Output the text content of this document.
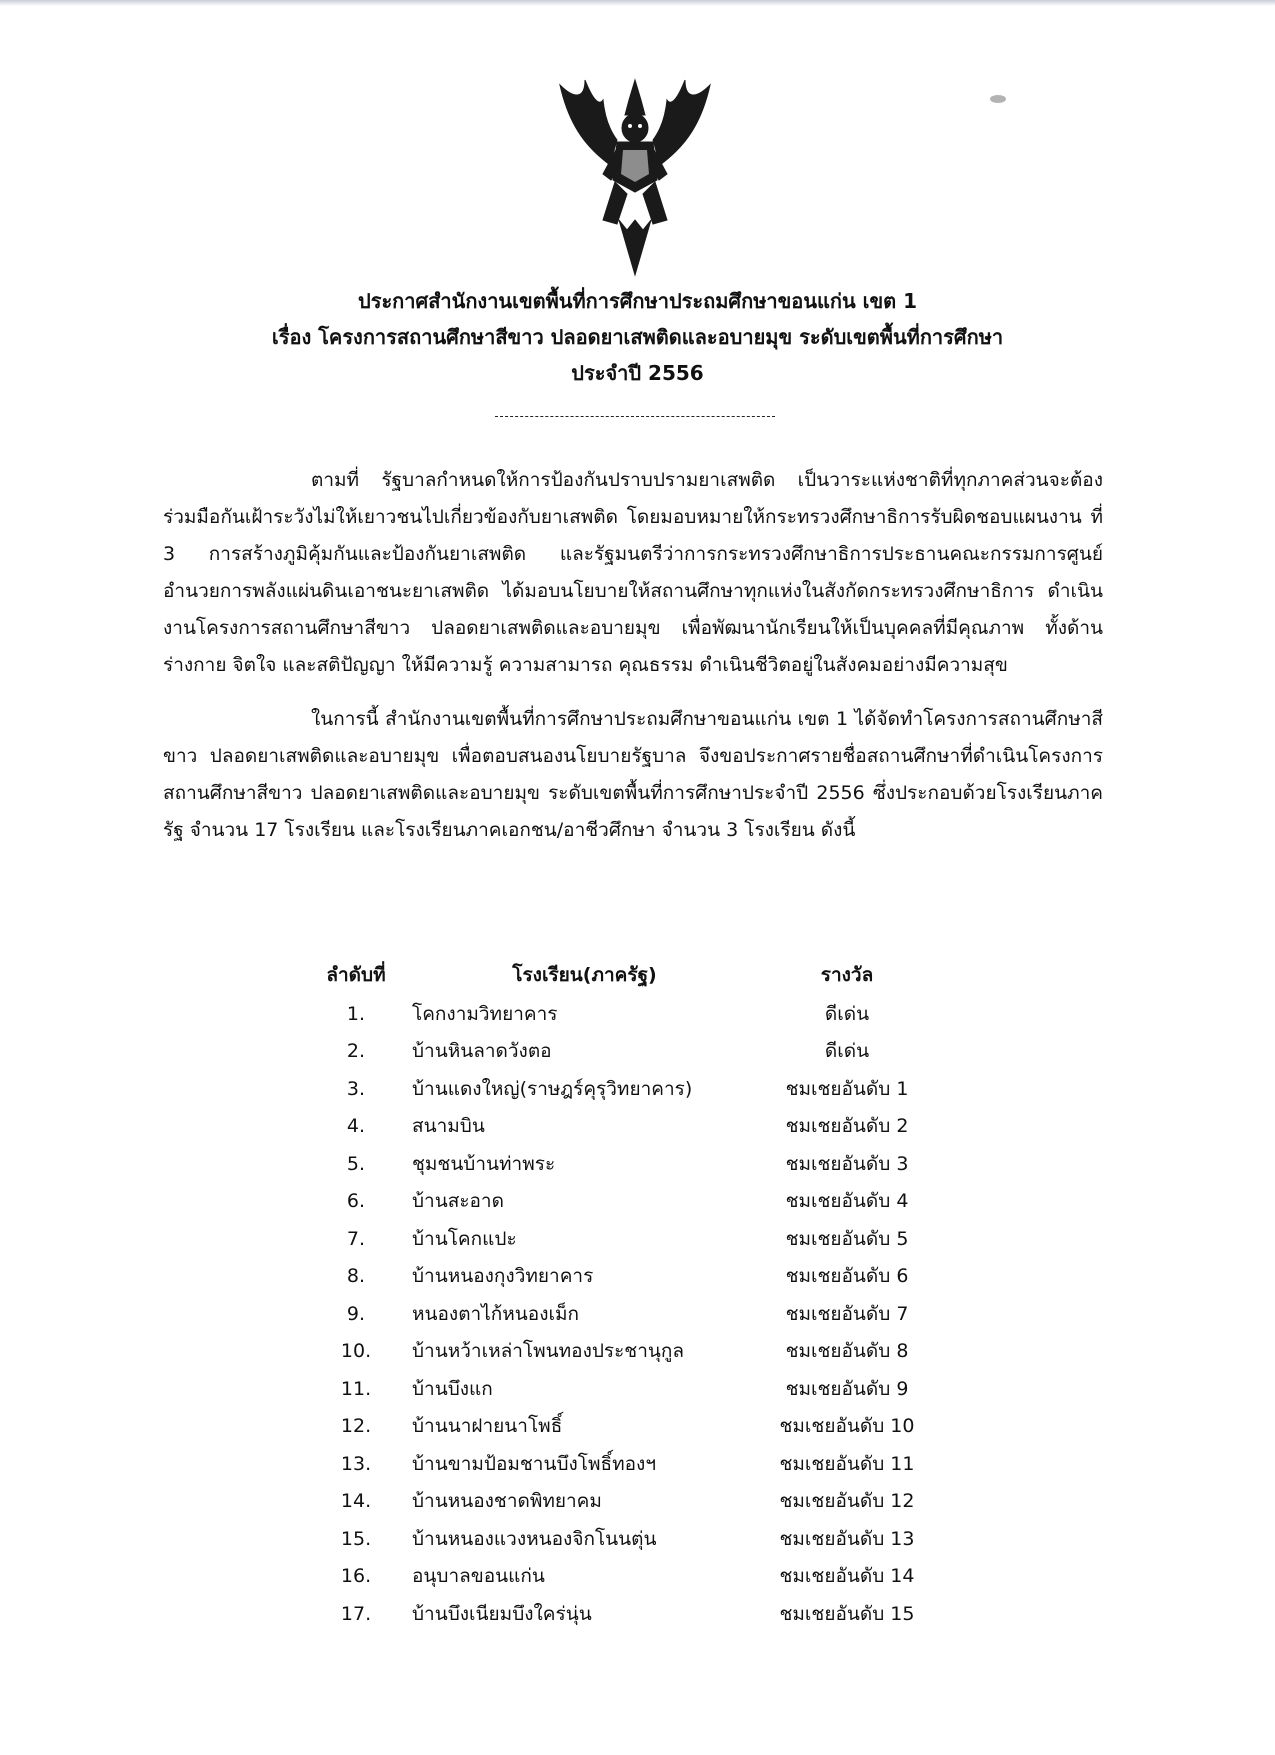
ประกาศสำนักงานเขตพื้นที่การศึกษาประถมศึกษาขอนแก่น เขต 1
เรื่อง โครงการสถานศึกษาสีขาว ปลอดยาเสพติดและอบายมุข ระดับเขตพื้นที่การศึกษา
ประจำปี 2556

ตามที่ รัฐบาลกำหนดให้การป้องกันปราบปรามยาเสพติด เป็นวาระแห่งชาติที่ทุกภาคส่วนจะต้องร่วมมือกันเฝ้าระวังไม่ให้เยาวชนไปเกี่ยวข้องกับยาเสพติด โดยมอบหมายให้กระทรวงศึกษาธิการรับผิดชอบแผนงาน ที่ 3 การสร้างภูมิคุ้มกันและป้องกันยาเสพติด และรัฐมนตรีว่าการกระทรวงศึกษาธิการประธานคณะกรรมการศูนย์อำนวยการพลังแผ่นดินเอาชนะยาเสพติด ได้มอบนโยบายให้สถานศึกษาทุกแห่งในสังกัดกระทรวงศึกษาธิการ ดำเนินงานโครงการสถานศึกษาสีขาว ปลอดยาเสพติดและอบายมุข เพื่อพัฒนานักเรียนให้เป็นบุคคลที่มีคุณภาพ ทั้งด้านร่างกาย จิตใจ และสติปัญญา ให้มีความรู้ ความสามารถ คุณธรรม ดำเนินชีวิตอยู่ในสังคมอย่างมีความสุข

ในการนี้ สำนักงานเขตพื้นที่การศึกษาประถมศึกษาขอนแก่น เขต 1 ได้จัดทำโครงการสถานศึกษาสีขาว ปลอดยาเสพติดและอบายมุข เพื่อตอบสนองนโยบายรัฐบาล จึงขอประกาศรายชื่อสถานศึกษาที่ดำเนินโครงการสถานศึกษาสีขาว ปลอดยาเสพติดและอบายมุข ระดับเขตพื้นที่การศึกษาประจำปี 2556 ซึ่งประกอบด้วยโรงเรียนภาครัฐ จำนวน 17 โรงเรียน และโรงเรียนภาคเอกชน/อาชีวศึกษา จำนวน 3 โรงเรียน ดังนี้

ลำดับที่	โรงเรียน(ภาครัฐ)	รางวัล
1.	โคกงามวิทยาคาร	ดีเด่น
2.	บ้านหินลาดวังตอ	ดีเด่น
3.	บ้านแดงใหญ่(ราษฎร์คุรุวิทยาคาร)	ชมเชยอันดับ 1
4.	สนามบิน	ชมเชยอันดับ 2
5.	ชุมชนบ้านท่าพระ	ชมเชยอันดับ 3
6.	บ้านสะอาด	ชมเชยอันดับ 4
7.	บ้านโคกแปะ	ชมเชยอันดับ 5
8.	บ้านหนองกุงวิทยาคาร	ชมเชยอันดับ 6
9.	หนองตาไก้หนองเม็ก	ชมเชยอันดับ 7
10.	บ้านหว้าเหล่าโพนทองประชานุกูล	ชมเชยอันดับ 8
11.	บ้านบึงแก	ชมเชยอันดับ 9
12.	บ้านนาฝายนาโพธิ์	ชมเชยอันดับ 10
13.	บ้านขามป้อมชานบึงโพธิ์ทองฯ	ชมเชยอันดับ 11
14.	บ้านหนองชาดพิทยาคม	ชมเชยอันดับ 12
15.	บ้านหนองแวงหนองจิกโนนตุ่น	ชมเชยอันดับ 13
16.	อนุบาลขอนแก่น	ชมเชยอันดับ 14
17.	บ้านบึงเนียมบึงใคร่นุ่น	ชมเชยอันดับ 15
